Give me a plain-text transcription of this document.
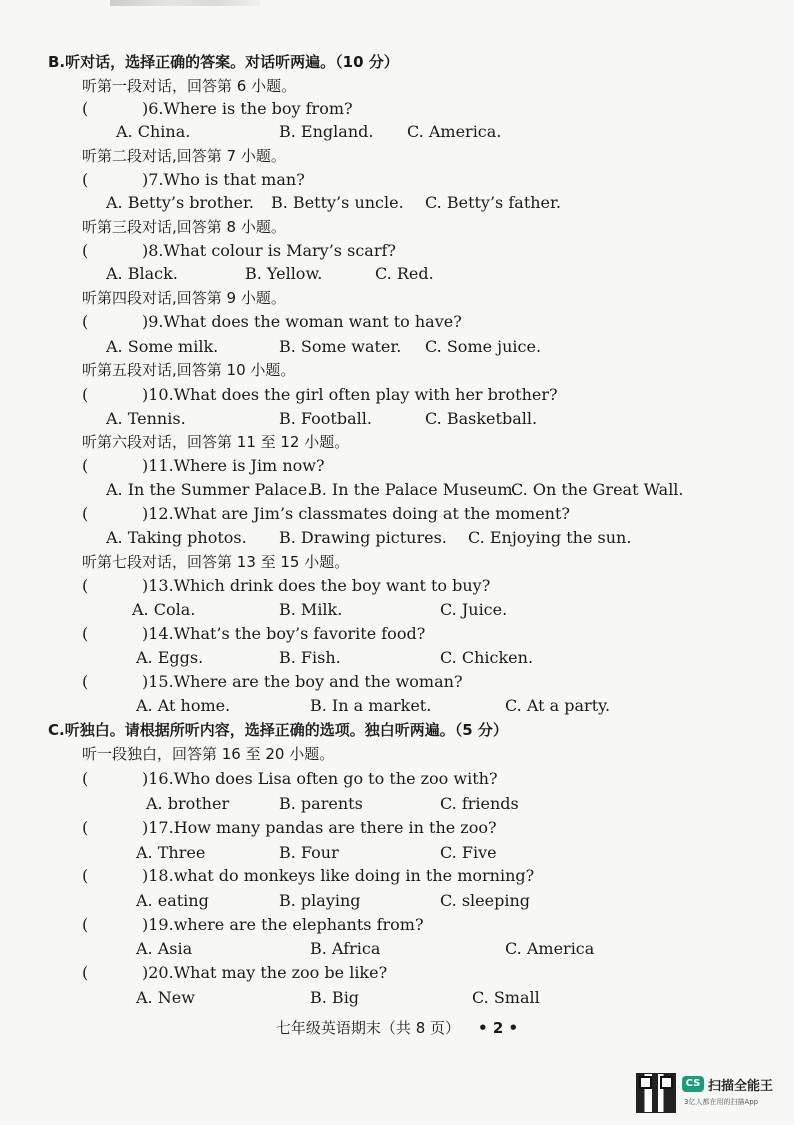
B.听对话，选择正确的答案。对话听两遍。（10 分）
听第一段对话，回答第 6 小题。
(	)6.Where is the boy from?
A. China.	B. England. C. America.
听第二段对话,回答第 7 小题。
(	)7.Who is that man?
A. Betty’s brother. B. Betty’s uncle. C. Betty’s father.
听第三段对话,回答第 8 小题。
(	)8.What colour is Mary’s scarf?
A. Black.	B. Yellow.	C. Red.
听第四段对话,回答第 9 小题。
(	)9.What does the woman want to have?
A. Some milk.	B. Some water. C. Some juice.
听第五段对话,回答第 10 小题。
(	)10.What does the girl often play with her brother?
A. Tennis.	B. Football.	C. Basketball.
听第六段对话，回答第 11 至 12 小题。
(	)11.Where is Jim now?
A. In the Summer Palace.
B. In the Palace Museum.
C. On the Great Wall.
(	)12.What are Jim’s classmates doing at the moment?
A. Taking photos. B. Drawing pictures. C. Enjoying the sun.
听第七段对话，回答第 13 至 15 小题。
(	)13.Which drink does the boy want to buy?
A. Cola.	B. Milk.	C. Juice.
(	)14.What’s the boy’s favorite food?
A. Eggs.	B. Fish.	C. Chicken.
(	)15.Where are the boy and the woman?
A. At home.	B. In a market.	C. At a party.
C.听独白。请根据所听内容，选择正确的选项。独白听两遍。（5 分）
听一段独白，回答第 16 至 20 小题。
(	)16.Who does Lisa often go to the zoo with?
A. brother	B. parents	C. friends
(	)17.How many pandas are there in the zoo?
A. Three	B. Four	C. Five
(	)18.what do monkeys like doing in the morning?
A. eating	B. playing	C. sleeping
(	)19.where are the elephants from?
A. Asia	B. Africa	C. America
(	)20.What may the zoo be like?
A. New	B. Big	C. Small
七年级英语期末（共 8 页） • 2 •
CS 扫描全能王
3亿人都在用的扫描App
